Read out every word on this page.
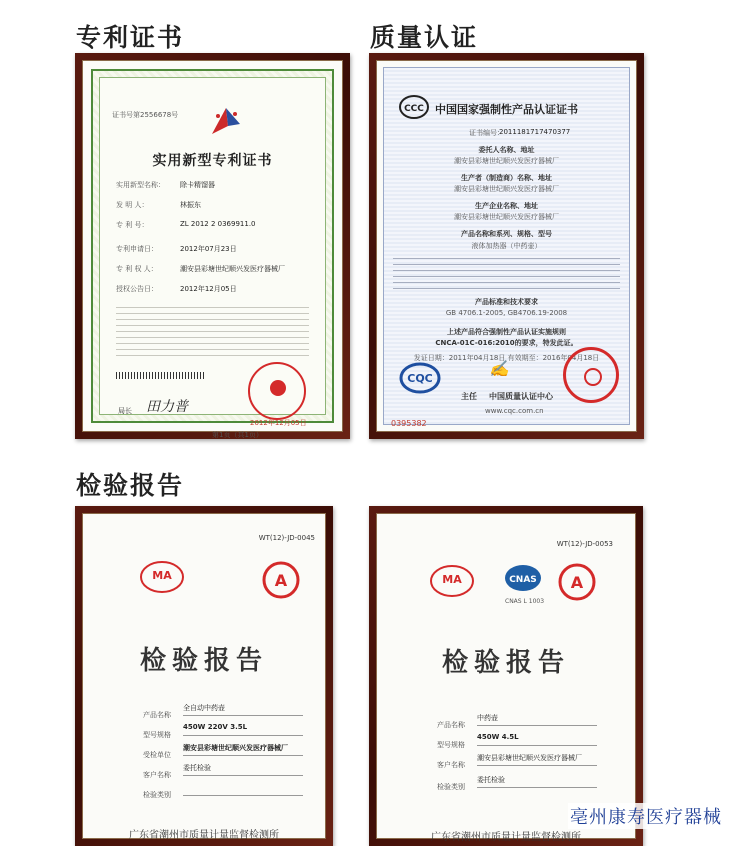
专利证书	质量认证
检验报告
证书号第2556678号
实用新型专利证书
实用新型名称： 除卡精馏器
发 明 人：	林振东
专 利 号：	ZL 2012 2 0369911.0
专利申请日：	2012年07月23日
专 利 权 人：	潮安县彩塘世纪顺兴发医疗器械厂
授权公告日：	2012年12月05日
局长 田力普
2012年12月05日
第1页（共1页）
CCC 中国国家强制性产品认证证书
证书编号：
2011181717470377
委托人名称、地址
潮安县彩塘世纪顺兴发医疗器械厂
生产者（制造商）名称、地址
潮安县彩塘世纪顺兴发医疗器械厂
生产企业名称、地址
潮安县彩塘世纪顺兴发医疗器械厂
产品名称和系列、规格、型号
液体加热器（中药壶）
产品标准和技术要求
GB 4706.1-2005, GB4706.19-2008
上述产品符合强制性产品认证实施规则
CNCA-01C-016:2010的要求，特发此证。
发证日期：2011年04月18日 有效期至：2016年04月18日
CQC
✍
主任 中国质量认证中心
www.cqc.com.cn
0395382
WT(12)-JD-0045
MA	A
检验报告
产品名称
全自动中药壶
型号规格
450W 220V 3.5L
受检单位
潮安县彩塘世纪顺兴发医疗器械厂
客户名称
委托检验
检验类别
广东省潮州市质量计量监督检测所
WT(12)-JD-0053
MA	CNAS
CNAS L 1003
A
检验报告
产品名称
中药壶
型号规格
450W 4.5L
客户名称
潮安县彩塘世纪顺兴发医疗器械厂
检验类别
委托检验
广东省潮州市质量计量监督检测所
亳州康寿医疗器械
